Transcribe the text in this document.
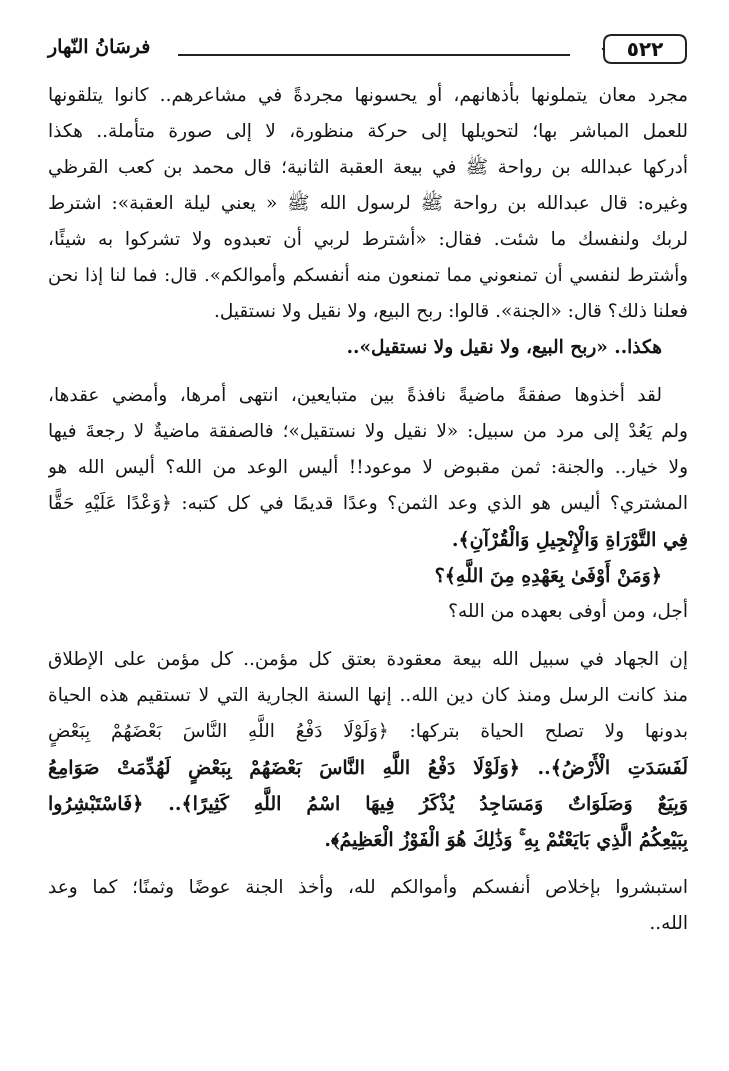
٥٢٢
فرسَانُ النّهار
مجرد معان يتملونها بأذهانهم، أو يحسونها مجردةً في مشاعرهم.. كانوا يتلقونها
للعمل المباشر بها؛ لتحويلها إلى حركة منظورة، لا إلى صورة متأملة.. هكذا
أدركها عبدالله بن رواحة ﷺ في بيعة العقبة الثانية؛ قال محمد بن كعب القرظي
وغيره: قال عبدالله بن رواحة ﷺ لرسول الله ﷺ « يعني ليلة العقبة»: اشترط
لربك ولنفسك ما شئت. فقال: «أشترط لربي أن تعبدوه ولا تشركوا به شيئًا،
وأشترط لنفسي أن تمنعوني مما تمنعون منه أنفسكم وأموالكم». قال: فما لنا إذا نحن
فعلنا ذلك؟ قال: «الجنة». قالوا: ربح البيع، ولا نقيل ولا نستقيل.
هكذا.. «ربح البيع، ولا نقيل ولا نستقيل»..
لقد أخذوها صفقةً ماضيةً نافذةً بين متبايعين، انتهى أمرها، وأمضي عقدها،
ولم يَعُدْ إلى مرد من سبيل: «لا نقيل ولا نستقيل»؛ فالصفقة ماضيةٌ لا رجعةَ فيها
ولا خيار.. والجنة: ثمن مقبوض لا موعود!! أليس الوعد من الله؟ أليس الله هو
المشتري؟ أليس هو الذي وعد الثمن؟ وعدًا قديمًا في كل كتبه: ﴿وَعْدًا عَلَيْهِ حَقًّا
فِي التَّوْرَاةِ وَالْإِنْجِيلِ وَالْقُرْآنِ﴾.
﴿وَمَنْ أَوْفَىٰ بِعَهْدِهِ مِنَ اللَّهِ﴾؟
أجل، ومن أوفى بعهده من الله؟
إن الجهاد في سبيل الله بيعة معقودة بعتق كل مؤمن.. كل مؤمن على الإطلاق
منذ كانت الرسل ومنذ كان دين الله.. إنها السنة الجارية التي لا تستقيم هذه الحياة
بدونها ولا تصلح الحياة بتركها: ﴿وَلَوْلَا دَفْعُ اللَّهِ النَّاسَ بَعْضَهُمْ بِبَعْضٍ
لَفَسَدَتِ الْأَرْضُ﴾.. ﴿وَلَوْلَا دَفْعُ اللَّهِ النَّاسَ بَعْضَهُمْ بِبَعْضٍ لَهُدِّمَتْ صَوَامِعُ
وَبِيَعٌ وَصَلَوَاتٌ وَمَسَاجِدُ يُذْكَرُ فِيهَا اسْمُ اللَّهِ كَثِيرًا﴾.. ﴿فَاسْتَبْشِرُوا
بِبَيْعِكُمُ الَّذِي بَايَعْتُمْ بِهِ ۚ وَذَٰلِكَ هُوَ الْفَوْزُ الْعَظِيمُ﴾.
استبشروا بإخلاص أنفسكم وأموالكم لله، وأخذ الجنة عوضًا وثمنًا؛ كما وعد
الله..
